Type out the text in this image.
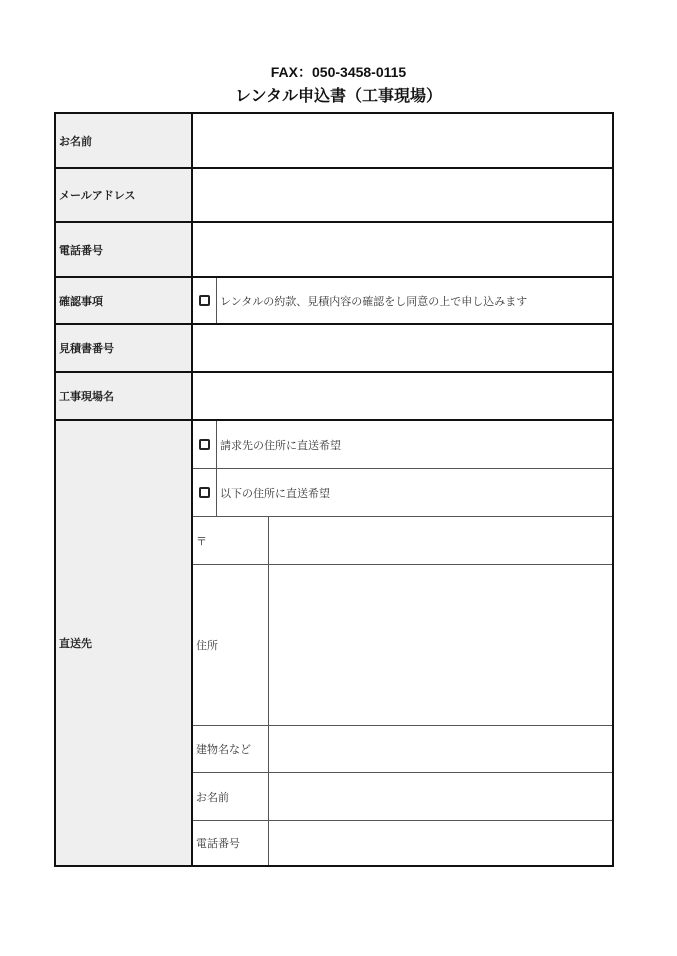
FAX：050-3458-0115
レンタル申込書（工事現場）
お名前
メールアドレス
電話番号
確認事項	レンタルの約款、見積内容の確認をし同意の上で申し込みます
見積書番号
工事現場名
直送先
請求先の住所に直送希望
以下の住所に直送希望
〒
住所
建物名など
お名前
電話番号
